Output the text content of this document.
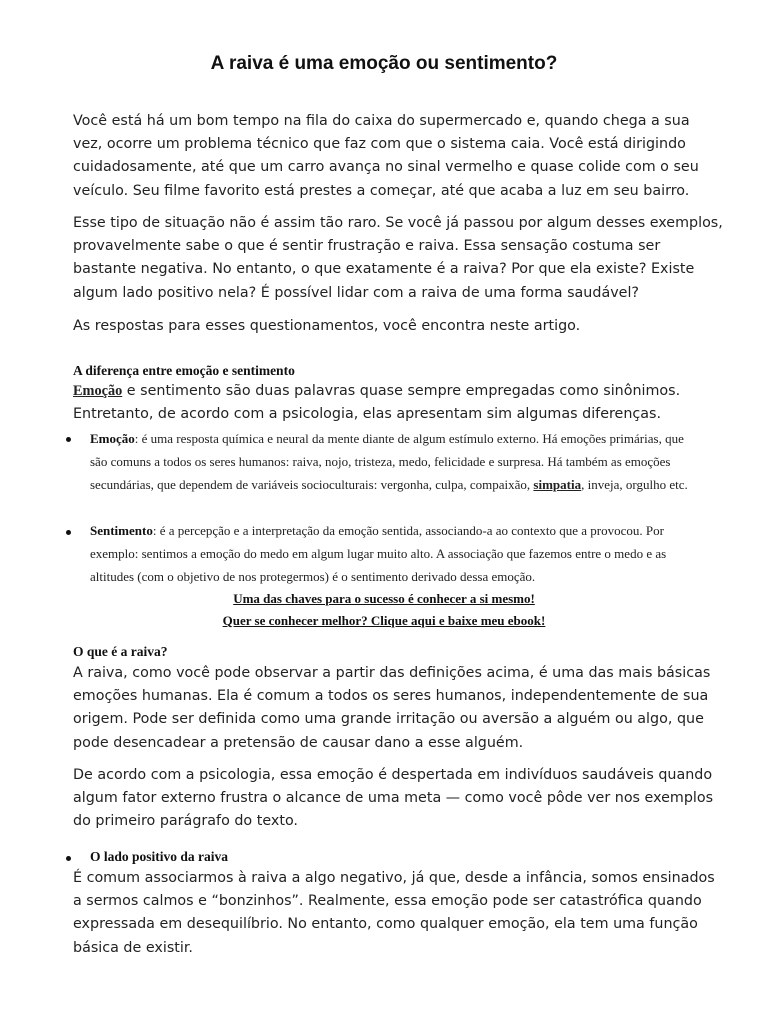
A raiva é uma emoção ou sentimento?

Você está há um bom tempo na fila do caixa do supermercado e, quando chega a sua vez, ocorre um problema técnico que faz com que o sistema caia. Você está dirigindo cuidadosamente, até que um carro avança no sinal vermelho e quase colide com o seu veículo. Seu filme favorito está prestes a começar, até que acaba a luz em seu bairro.

Esse tipo de situação não é assim tão raro. Se você já passou por algum desses exemplos, provavelmente sabe o que é sentir frustração e raiva. Essa sensação costuma ser bastante negativa. No entanto, o que exatamente é a raiva? Por que ela existe? Existe algum lado positivo nela? É possível lidar com a raiva de uma forma saudável?

As respostas para esses questionamentos, você encontra neste artigo.

A diferença entre emoção e sentimento

Emoção e sentimento são duas palavras quase sempre empregadas como sinônimos. Entretanto, de acordo com a psicologia, elas apresentam sim algumas diferenças.

Emoção: é uma resposta química e neural da mente diante de algum estímulo externo. Há emoções primárias, que são comuns a todos os seres humanos: raiva, nojo, tristeza, medo, felicidade e surpresa. Há também as emoções secundárias, que dependem de variáveis socioculturais: vergonha, culpa, compaixão, simpatia, inveja, orgulho etc.

Sentimento: é a percepção e a interpretação da emoção sentida, associando-a ao contexto que a provocou. Por exemplo: sentimos a emoção do medo em algum lugar muito alto. A associação que fazemos entre o medo e as altitudes (com o objetivo de nos protegermos) é o sentimento derivado dessa emoção.

Uma das chaves para o sucesso é conhecer a si mesmo!
Quer se conhecer melhor? Clique aqui e baixe meu ebook!
O que é a raiva?

A raiva, como você pode observar a partir das definições acima, é uma das mais básicas emoções humanas. Ela é comum a todos os seres humanos, independentemente de sua origem. Pode ser definida como uma grande irritação ou aversão a alguém ou algo, que pode desencadear a pretensão de causar dano a esse alguém.

De acordo com a psicologia, essa emoção é despertada em indivíduos saudáveis quando algum fator externo frustra o alcance de uma meta — como você pôde ver nos exemplos do primeiro parágrafo do texto.

O lado positivo da raiva

É comum associarmos à raiva a algo negativo, já que, desde a infância, somos ensinados a sermos calmos e “bonzinhos”. Realmente, essa emoção pode ser catastrófica quando expressada em desequilíbrio. No entanto, como qualquer emoção, ela tem uma função básica de existir.
